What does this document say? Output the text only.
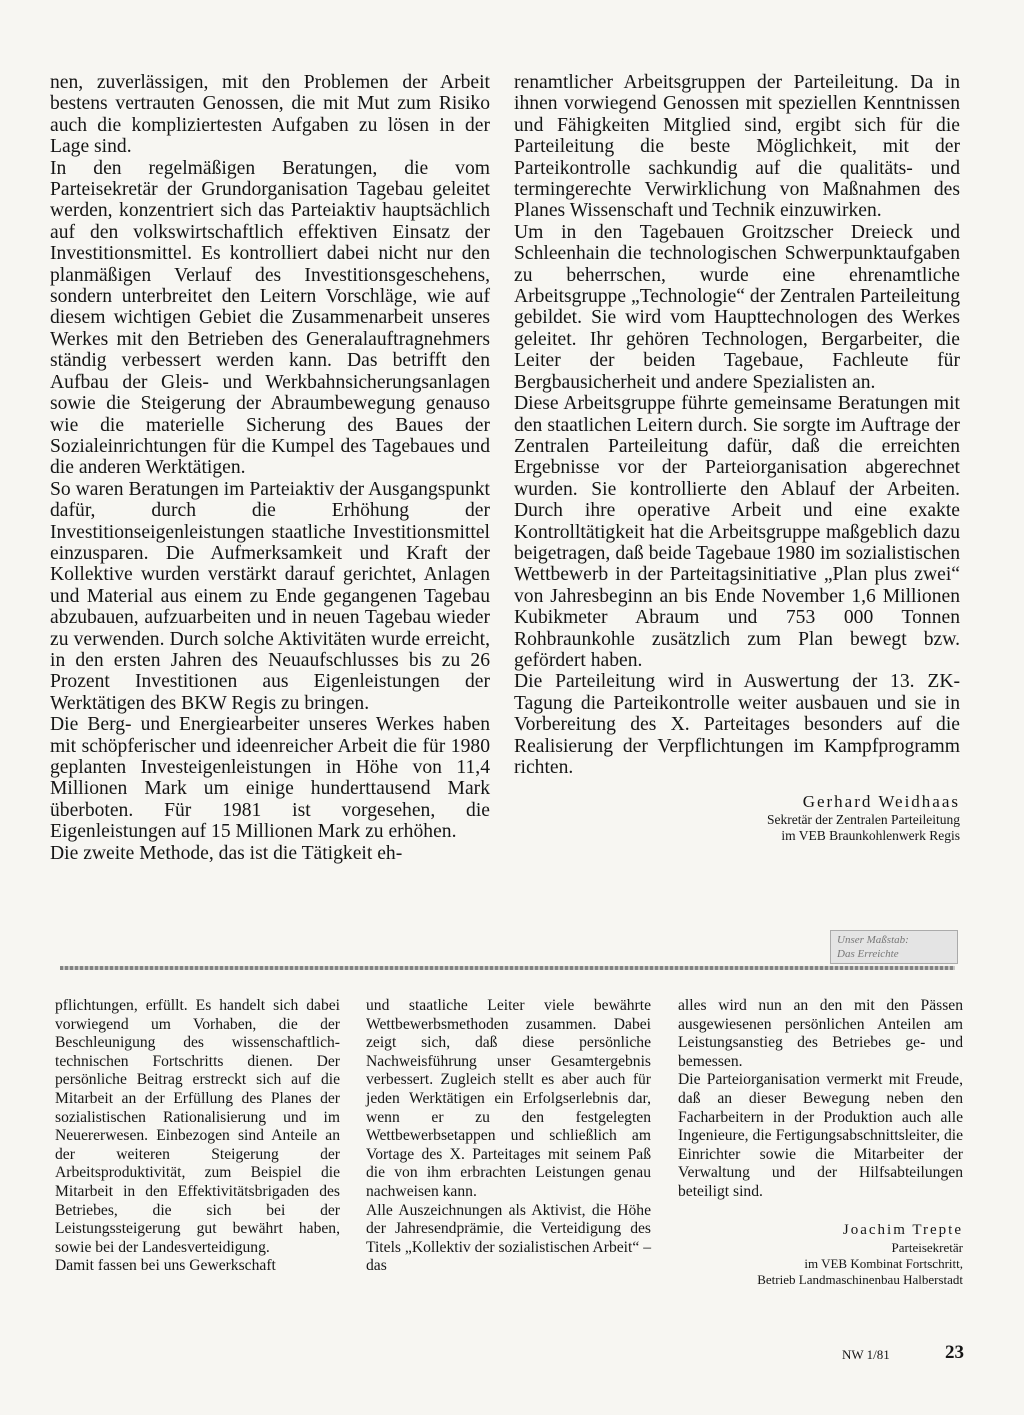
nen, zuverlässigen, mit den Problemen der Arbeit bestens vertrauten Genossen, die mit Mut zum Risiko auch die kompliziertesten Aufgaben zu lösen in der Lage sind.

In den regelmäßigen Beratungen, die vom Parteisekretär der Grundorganisation Tagebau geleitet werden, konzentriert sich das Parteiaktiv hauptsächlich auf den volkswirtschaftlich effektiven Einsatz der Investitionsmittel. Es kontrolliert dabei nicht nur den planmäßigen Verlauf des Investitionsgeschehens, sondern unterbreitet den Leitern Vorschläge, wie auf diesem wichtigen Gebiet die Zusammenarbeit unseres Werkes mit den Betrieben des Generalauftragnehmers ständig verbessert werden kann. Das betrifft den Aufbau der Gleis- und Werkbahnsicherungsanlagen sowie die Steigerung der Abraumbewegung genauso wie die materielle Sicherung des Baues der Sozialeinrichtungen für die Kumpel des Tagebaues und die anderen Werktätigen.

So waren Beratungen im Parteiaktiv der Ausgangspunkt dafür, durch die Erhöhung der Investitionseigenleistungen staatliche Investitionsmittel einzusparen. Die Aufmerksamkeit und Kraft der Kollektive wurden verstärkt darauf gerichtet, Anlagen und Material aus einem zu Ende gegangenen Tagebau abzubauen, aufzuarbeiten und in neuen Tagebau wieder zu verwenden. Durch solche Aktivitäten wurde erreicht, in den ersten Jahren des Neuaufschlusses bis zu 26 Prozent Investitionen aus Eigenleistungen der Werktätigen des BKW Regis zu bringen.

Die Berg- und Energiearbeiter unseres Werkes haben mit schöpferischer und ideenreicher Arbeit die für 1980 geplanten Investeigenleistungen in Höhe von 11,4 Millionen Mark um einige hunderttausend Mark überboten. Für 1981 ist vorgesehen, die Eigenleistungen auf 15 Millionen Mark zu erhöhen.

Die zweite Methode, das ist die Tätigkeit eh-

renamtlicher Arbeitsgruppen der Parteileitung. Da in ihnen vorwiegend Genossen mit speziellen Kenntnissen und Fähigkeiten Mitglied sind, ergibt sich für die Parteileitung die beste Möglichkeit, mit der Parteikontrolle sachkundig auf die qualitäts- und termingerechte Verwirklichung von Maßnahmen des Planes Wissenschaft und Technik einzuwirken.

Um in den Tagebauen Groitzscher Dreieck und Schleenhain die technologischen Schwerpunktaufgaben zu beherrschen, wurde eine ehrenamtliche Arbeitsgruppe „Technologie“ der Zentralen Parteileitung gebildet. Sie wird vom Haupttechnologen des Werkes geleitet. Ihr gehören Technologen, Bergarbeiter, die Leiter der beiden Tagebaue, Fachleute für Bergbausicherheit und andere Spezialisten an.

Diese Arbeitsgruppe führte gemeinsame Beratungen mit den staatlichen Leitern durch. Sie sorgte im Auftrage der Zentralen Parteileitung dafür, daß die erreichten Ergebnisse vor der Parteiorganisation abgerechnet wurden. Sie kontrollierte den Ablauf der Arbeiten. Durch ihre operative Arbeit und eine exakte Kontrolltätigkeit hat die Arbeitsgruppe maßgeblich dazu beigetragen, daß beide Tagebaue 1980 im sozialistischen Wettbewerb in der Parteitagsinitiative „Plan plus zwei“ von Jahresbeginn an bis Ende November 1,6 Millionen Kubikmeter Abraum und 753 000 Tonnen Rohbraunkohle zusätzlich zum Plan bewegt bzw. gefördert haben.

Die Parteileitung wird in Auswertung der 13. ZK-Tagung die Parteikontrolle weiter ausbauen und sie in Vorbereitung des X. Parteitages besonders auf die Realisierung der Verpflichtungen im Kampfprogramm richten.

Gerhard Weidhaas
Sekretär der Zentralen Parteileitung
im VEB Braunkohlenwerk Regis
Unser Maßstab:
Das Erreichte

pflichtungen, erfüllt. Es handelt sich dabei vorwiegend um Vorhaben, die der Beschleunigung des wissenschaftlich-technischen Fortschritts dienen. Der persönliche Beitrag erstreckt sich auf die Mitarbeit an der Erfüllung des Planes der sozialistischen Rationalisierung und im Neuererwesen. Einbezogen sind Anteile an der weiteren Steigerung der Arbeitsproduktivität, zum Beispiel die Mitarbeit in den Effektivitätsbrigaden des Betriebes, die sich bei der Leistungssteigerung gut bewährt haben, sowie bei der Landesverteidigung.

Damit fassen bei uns Gewerkschaft

und staatliche Leiter viele bewährte Wettbewerbsmethoden zusammen. Dabei zeigt sich, daß diese persönliche Nachweisführung unser Gesamtergebnis verbessert. Zugleich stellt es aber auch für jeden Werktätigen ein Erfolgserlebnis dar, wenn er zu den festgelegten Wettbewerbsetappen und schließlich am Vortage des X. Parteitages mit seinem Paß die von ihm erbrachten Leistungen genau nachweisen kann.

Alle Auszeichnungen als Aktivist, die Höhe der Jahresendprämie, die Verteidigung des Titels „Kollektiv der sozialistischen Arbeit“ – das

alles wird nun an den mit den Pässen ausgewiesenen persönlichen Anteilen am Leistungsanstieg des Betriebes ge- und bemessen.

Die Parteiorganisation vermerkt mit Freude, daß an dieser Bewegung neben den Facharbeitern in der Produktion auch alle Ingenieure, die Fertigungsabschnittsleiter, die Einrichter sowie die Mitarbeiter der Verwaltung und der Hilfsabteilungen beteiligt sind.

Joachim Trepte
Parteisekretär
im VEB Kombinat Fortschritt,
Betrieb Landmaschinenbau Halberstadt
NW 1/81	23
